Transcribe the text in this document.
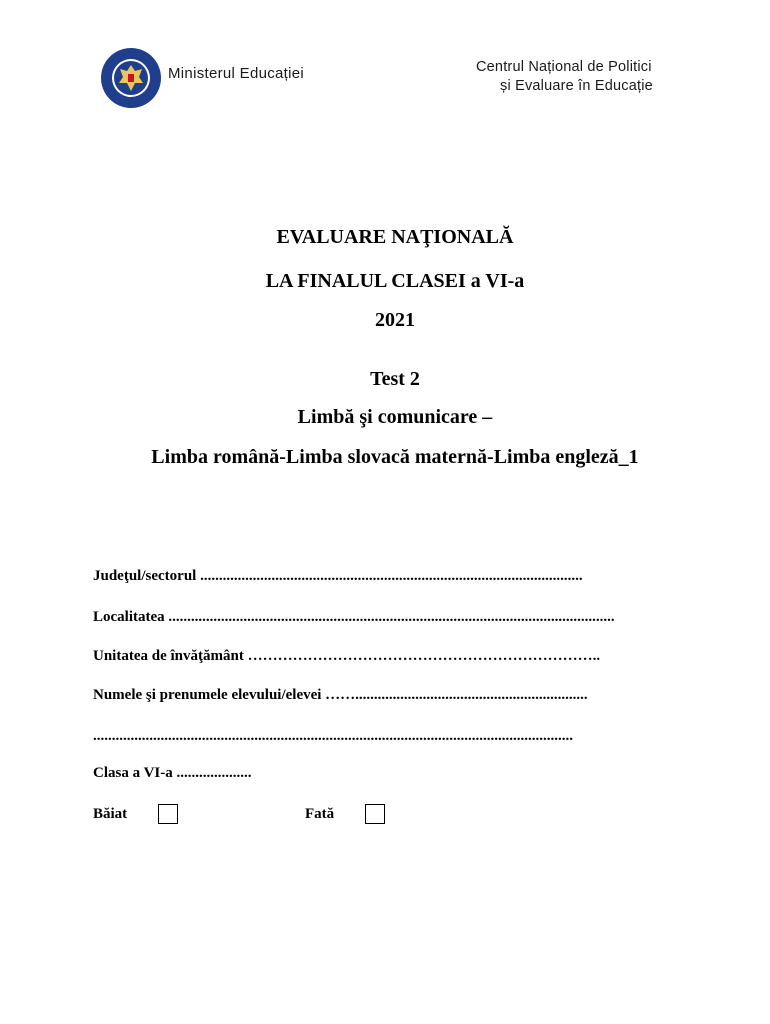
Ministerul Educației	Centrul Național de Politici
și Evaluare în Educație
EVALUARE NAŢIONALĂ
LA FINALUL CLASEI a VI-a
2021
Test 2
Limbă şi comunicare –
Limba română-Limba slovacă maternă-Limba engleză_1
Judeţul/sectorul ......................................................................................................
Localitatea .......................................................................................................................
Unitatea de învăţământ ……………………………………………………………..
Numele şi prenumele elevului/elevei ……..............................................................
................................................................................................................................
Clasa a VI-a ....................
Băiat	Fată
